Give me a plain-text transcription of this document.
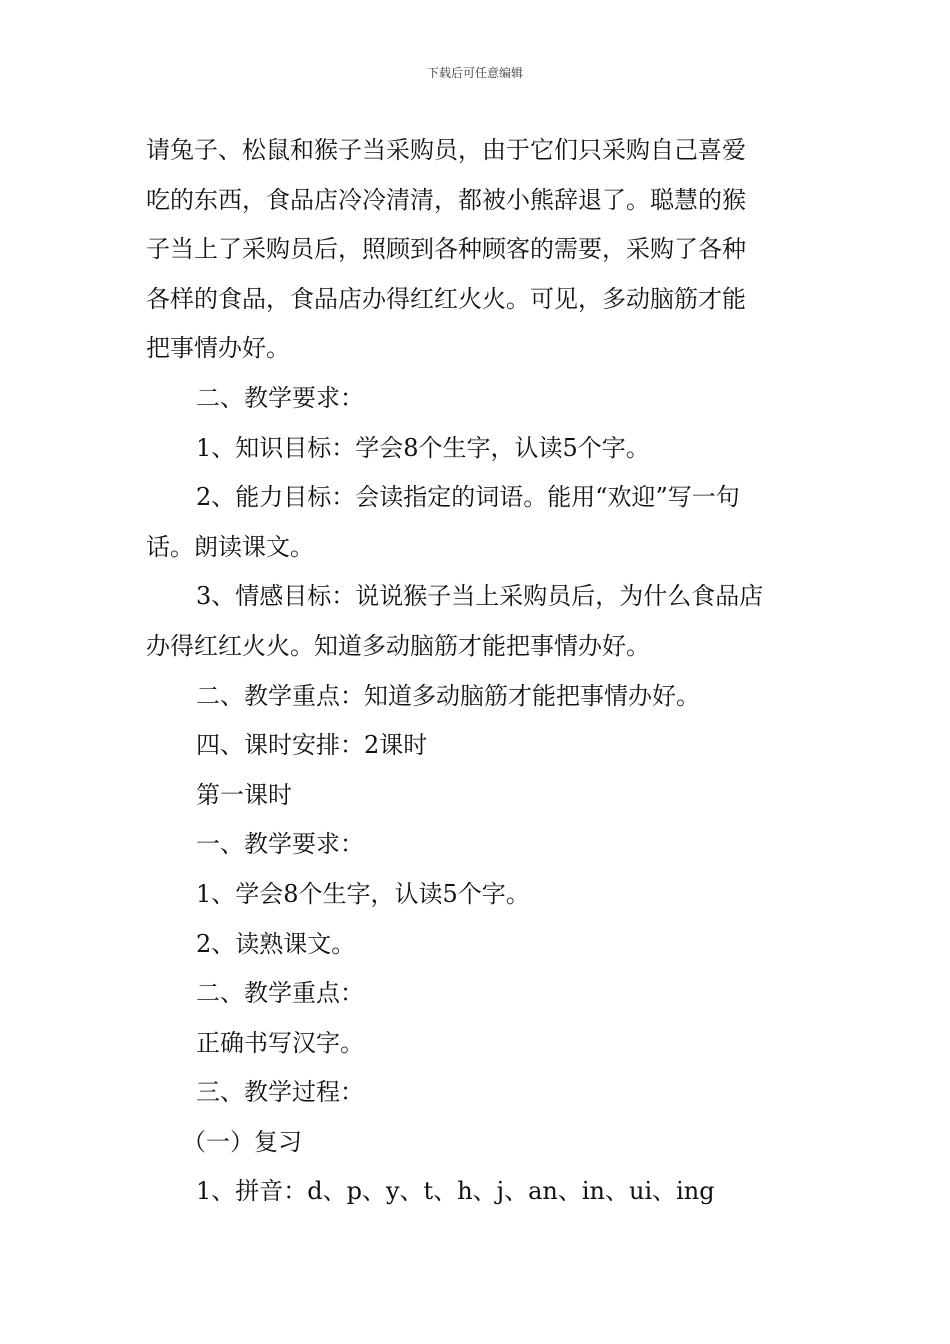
下载后可任意编辑

请兔子、松鼠和猴子当采购员，由于它们只采购自己喜爱

吃的东西，食品店冷冷清清，都被小熊辞退了。聪慧的猴

子当上了采购员后，照顾到各种顾客的需要，采购了各种

各样的食品，食品店办得红红火火。可见，多动脑筋才能

把事情办好。

二、教学要求：

1、知识目标：学会8个生字，认读5个字。

2、能力目标：会读指定的词语。能用“欢迎”写一句

话。朗读课文。

3、情感目标：说说猴子当上采购员后，为什么食品店

办得红红火火。知道多动脑筋才能把事情办好。

二、教学重点：知道多动脑筋才能把事情办好。

四、课时安排：2课时

第一课时

一、教学要求：

1、学会8个生字，认读5个字。

2、读熟课文。

二、教学重点：

正确书写汉字。

三、教学过程：

（一）复习

1、拼音：d、p、y、t、h、j、an、in、ui、ing
